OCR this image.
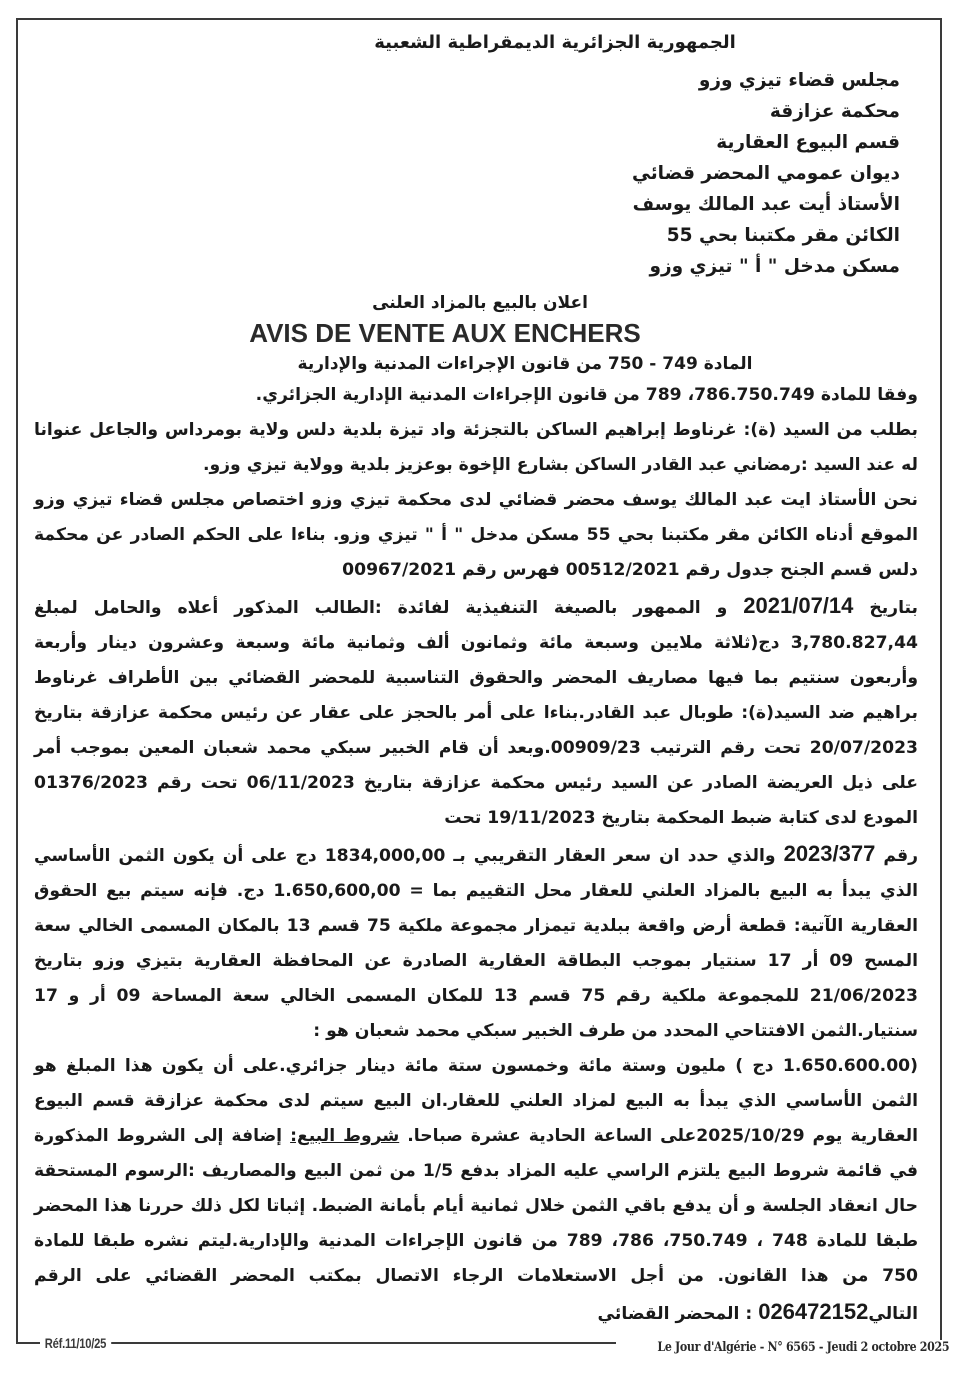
الجمهورية الجزائرية الديمقراطية الشعبية
مجلس قضاء تيزي وزو
محكمة عزازقة
قسم البيوع العقارية
ديوان عمومي المحضر قضائي
الأستاذ أيت عبد المالك يوسف
الكائن مقر مكتبنا بحي 55
مسكن مدخل " أ " تيزي وزو
اعلان بالبيع بالمزاد العلنى
AVIS DE VENTE AUX ENCHERS
المادة 749 - 750 من قانون الإجراءات المدنية والإدارية

وفقا للمادة 786.750.749، 789 من قانون الإجراءات المدنية الإدارية الجزائري.

بطلب من السيد (ة): غرناوط إبراهيم الساكن بالتجزئة واد تيزة بلدية دلس ولاية بومرداس والجاعل عنوانا له عند السيد :رمضاني عبد القادر الساكن بشارع الإخوة بوعزيز بلدية وولاية تيزي وزو.

نحن الأستاذ ايت عبد المالك يوسف محضر قضائي لدى محكمة تيزي وزو اختصاص مجلس قضاء تيزي وزو الموقع أدناه الكائن مقر مكتبنا بحي 55 مسكن مدخل " أ " تيزي وزو. بناءا على الحكم الصادر عن محكمة دلس قسم الجنح جدول رقم 00512/2021 فهرس رقم 00967/2021

بتاريخ 2021/07/14 و الممهور بالصيغة التنفيذية لفائدة :الطالب المذكور أعلاه والحامل لمبلغ 3,780.827,44 دج(ثلاثة ملايين وسبعة مائة وثمانون ألف وثمانية مائة وسبعة وعشرون دينار وأربعة وأربعون سنتيم بما فيها مصاريف المحضر والحقوق التناسبية للمحضر القضائي بين الأطراف غرناوط براهيم ضد السيد(ة): طوبال عبد القادر.بناءا على أمر بالحجز على عقار عن رئيس محكمة عزازقة بتاريخ 20/07/2023 تحت رقم الترتيب 00909/23.وبعد أن قام الخبير سبكي محمد شعبان المعين بموجب أمر على ذيل العريضة الصادر عن السيد رئيس محكمة عزازقة بتاريخ 06/11/2023 تحت رقم 01376/2023 المودع لدى كتابة ضبط المحكمة بتاريخ 19/11/2023 تحت

رقم 2023/377 والذي حدد ان سعر العقار التقريبي بـ 1834,000,00 دج على أن يكون الثمن الأساسي الذي يبدأ به البيع بالمزاد العلني للعقار محل التقييم بما = 1.650,600,00 دج. فإنه سيتم بيع الحقوق العقارية الآتية: قطعة أرض واقعة ببلدية تيمزار مجموعة ملكية 75 قسم 13 بالمكان المسمى الخالي سعة المسح 09 أر 17 سنتيار بموجب البطاقة العقارية الصادرة عن المحافظة العقارية بتيزي وزو بتاريخ 21/06/2023 للمجموعة ملكية رقم 75 قسم 13 للمكان المسمى الخالي سعة المساحة 09 أر و 17 سنتيار.الثمن الافتتاحي المحدد من طرف الخبير سبكي محمد شعبان هو :

(1.650.600.00 دج ) مليون وستة مائة وخمسون ستة مائة دينار جزائري.على أن يكون هذا المبلغ هو الثمن الأساسي الذي يبدأ به البيع لمزاد العلني للعقار.ان البيع سيتم لدى محكمة عزازقة قسم البيوع العقارية يوم 2025/10/29على الساعة الحادية عشرة صباحا. شروط البيع: إضافة إلى الشروط المذكورة في قائمة شروط البيع يلتزم الراسي عليه المزاد بدفع 1/5 من ثمن البيع والمصاريف :الرسوم المستحقة حال انعقاد الجلسة و أن يدفع باقي الثمن خلال ثمانية أيام بأمانة الضبط. إثباتا لكل ذلك حررنا هذا المحضر طبقا للمادة 748 ، 750.749، 786، 789 من قانون الإجراءات المدنية والإدارية.ليتم نشره طبقا للمادة 750 من هذا القانون. من أجل الاستعلامات الرجاء الاتصال بمكتب المحضر القضائي على الرقم التالي026472152 : المحضر القضائي

Réf.11/10/25	Le Jour d'Algérie - N° 6565 - Jeudi 2 octobre 2025
